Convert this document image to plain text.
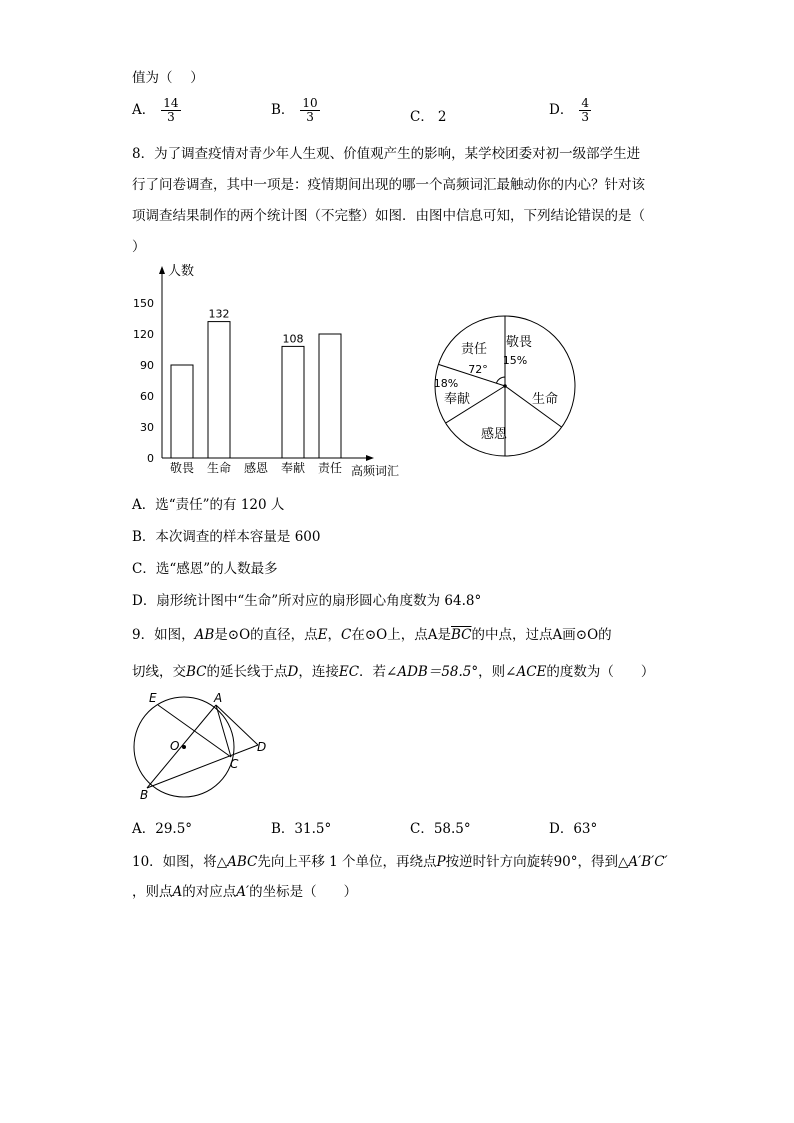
值为（　 ）
A． $\frac{14}{3}$	B． $\frac{10}{3}$	C． 2	D． $\frac{4}{3}$
8．为了调查疫情对青少年人生观、价值观产生的影响，某学校团委对初一级部学生进
行了问卷调查，其中一项是：疫情期间出现的哪一个高频词汇最触动你的内心？针对该
项调查结果制作的两个统计图（不完整）如图．由图中信息可知，下列结论错误的是（
）
人数
高频词汇
0
30
60
90
120
150
敬畏
132
生命 感恩
108
奉献 责任
敬畏
15%
生命
感恩
奉献
18%
责任
72°
A．选“责任”的有 120 人
B．本次调查的样本容量是 600
C．选“感恩”的人数最多
D．扇形统计图中“生命”所对应的扇形圆心角度数为 64.8°
9．如图，AB是⊙O的直径，点E，C在⊙O上，点A是$\overline{BC}$的中点，过点A画⊙O的
切线，交BC的延长线于点D，连接EC．若∠ADB＝58.5°，则∠ACE的度数为（　　）
E	A
O	D
C
B
A．29.5°	B．31.5°	C．58.5°	D．63°
10．如图，将△ABC先向上平移 1 个单位，再绕点P按逆时针方向旋转90°，得到△A′B′C′
，则点A的对应点A′的坐标是（　　）
